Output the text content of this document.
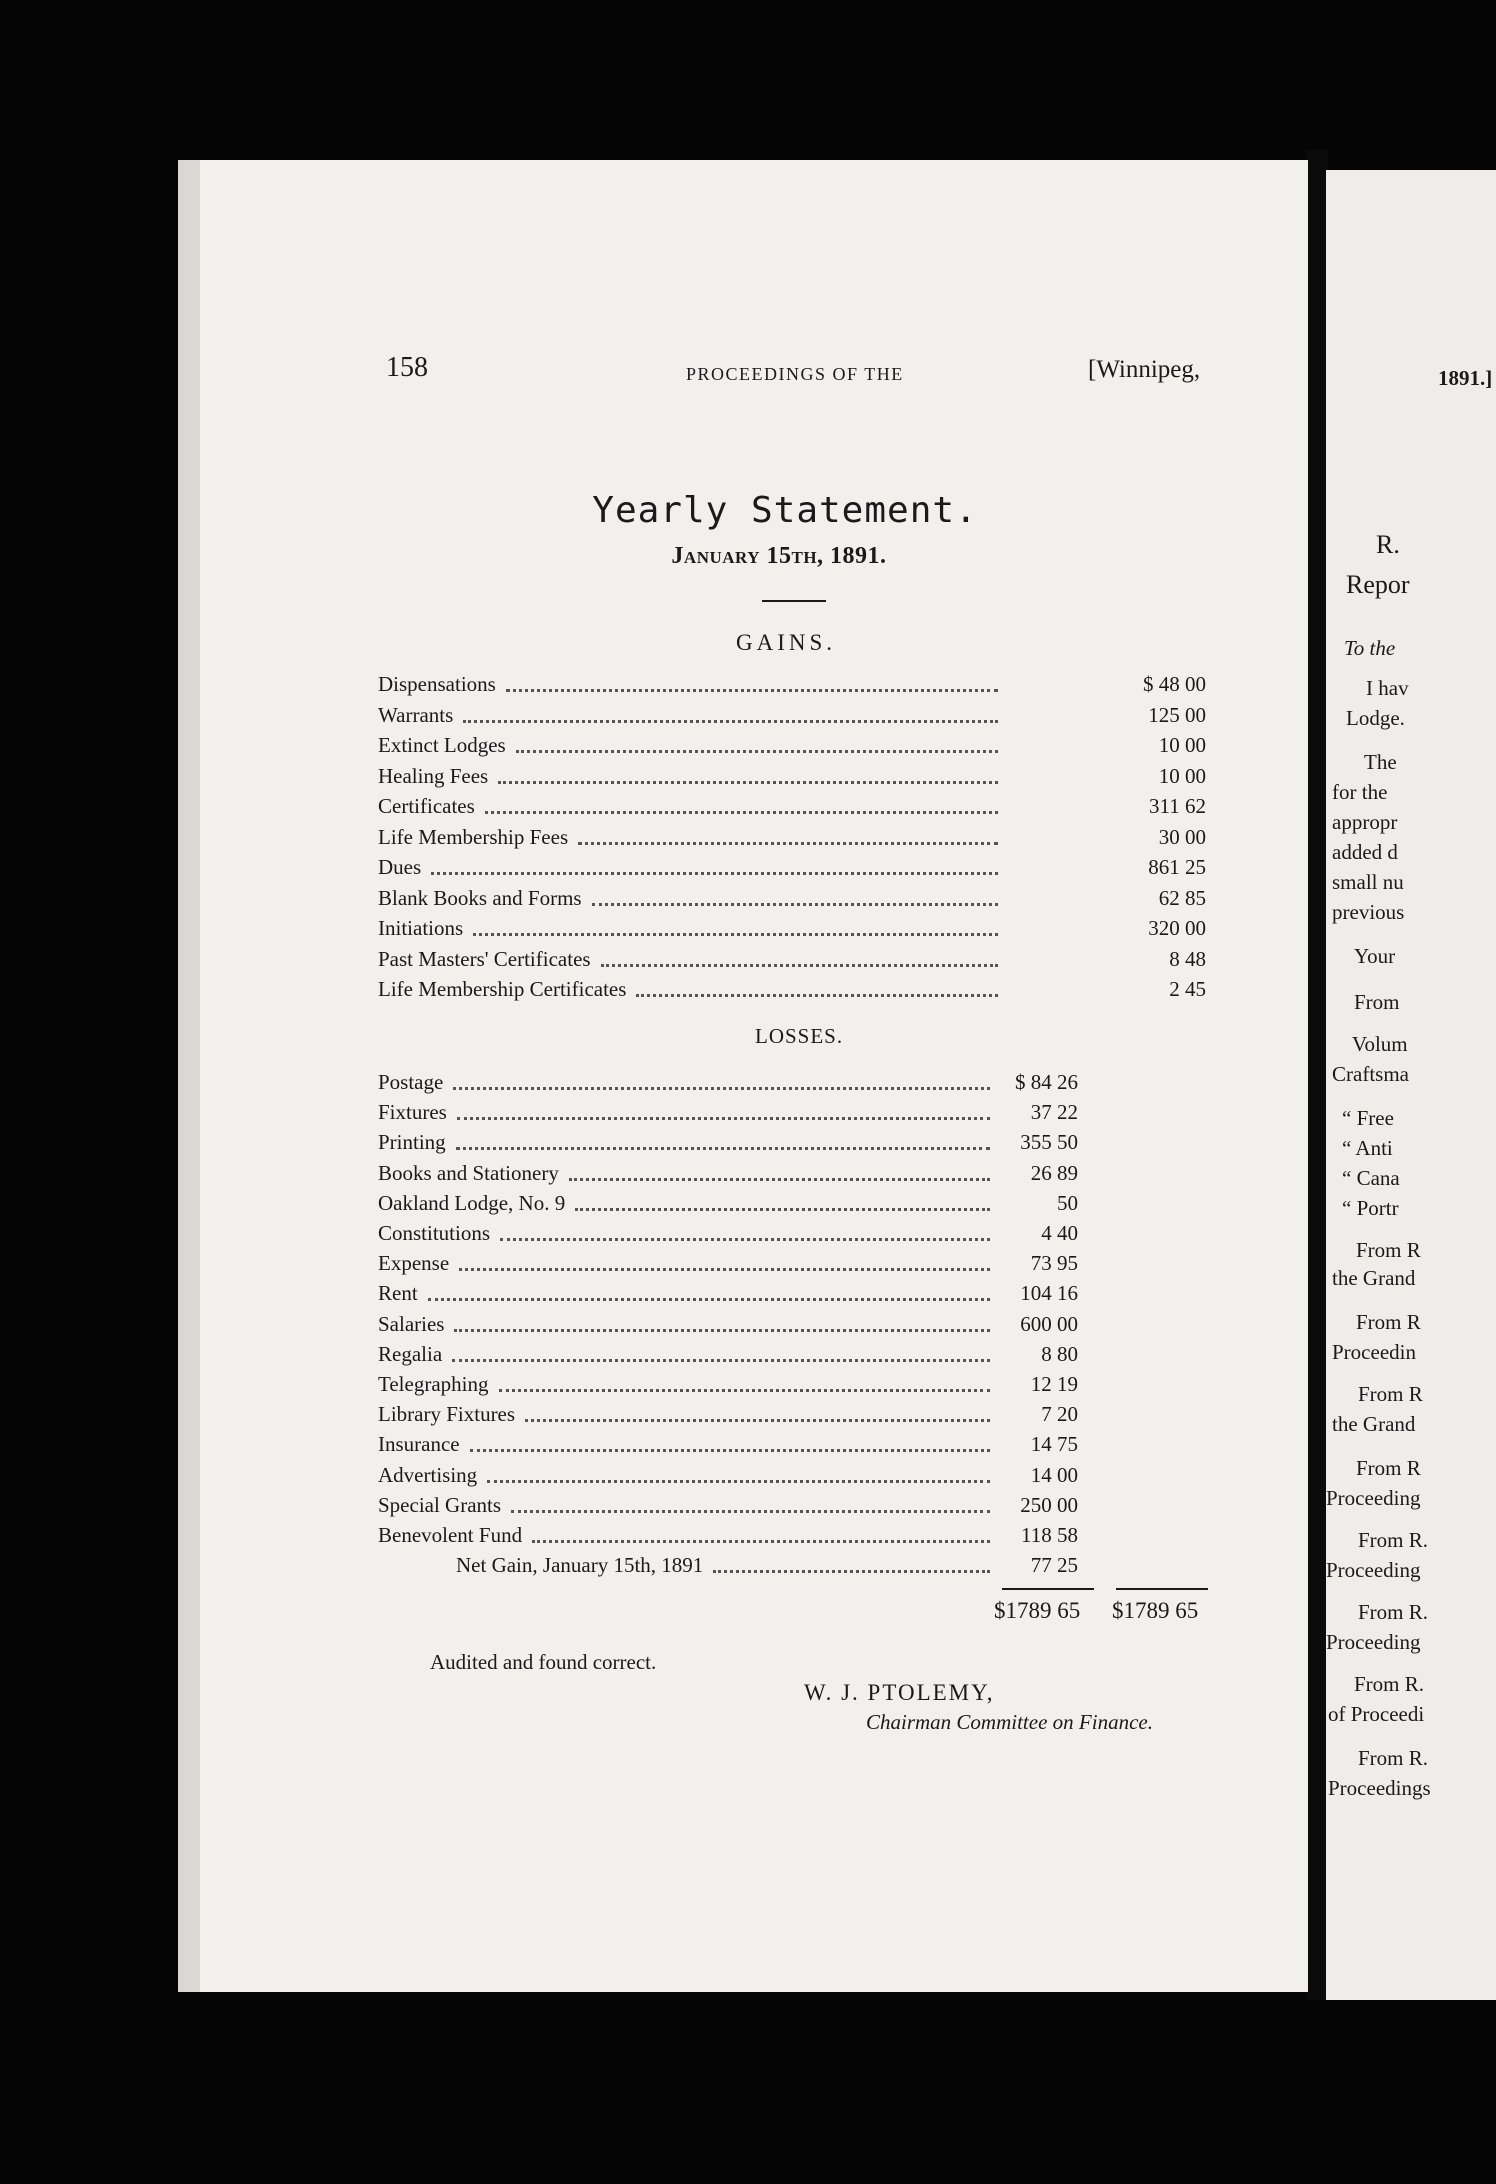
158	PROCEEDINGS OF THE	[Winnipeg,
Yearly Statement.
January 15th, 1891.
GAINS.
Dispensations	$ 48 00
Warrants	125 00
Extinct Lodges	10 00
Healing Fees	10 00
Certificates	311 62
Life Membership Fees	30 00
Dues	861 25
Blank Books and Forms	62 85
Initiations	320 00
Past Masters' Certificates	8 48
Life Membership Certificates	2 45
LOSSES.
Postage	$ 84 26
Fixtures	37 22
Printing	355 50
Books and Stationery	26 89
Oakland Lodge, No. 9	50
Constitutions	4 40
Expense	73 95
Rent	104 16
Salaries	600 00
Regalia	8 80
Telegraphing	12 19
Library Fixtures	7 20
Insurance	14 75
Advertising	14 00
Special Grants	250 00
Benevolent Fund	118 58
Net Gain, January 15th, 1891	77 25
$1789 65 $1789 65
Audited and found correct.
W. J. PTOLEMY,
Chairman Committee on Finance.
R.
Repor
To the
I hav
Lodge.
The
for the
appropr
added d
small nu
previous
Your
From
Volum
Craftsma
“ Free
“ Anti
“ Cana
“ Portr
From R
the Grand
From R
Proceedin
From R
the Grand
From R
Proceeding
From R.
Proceeding
From R.
Proceeding
From R.
of Proceedi
From R.
Proceedings
1891.]
